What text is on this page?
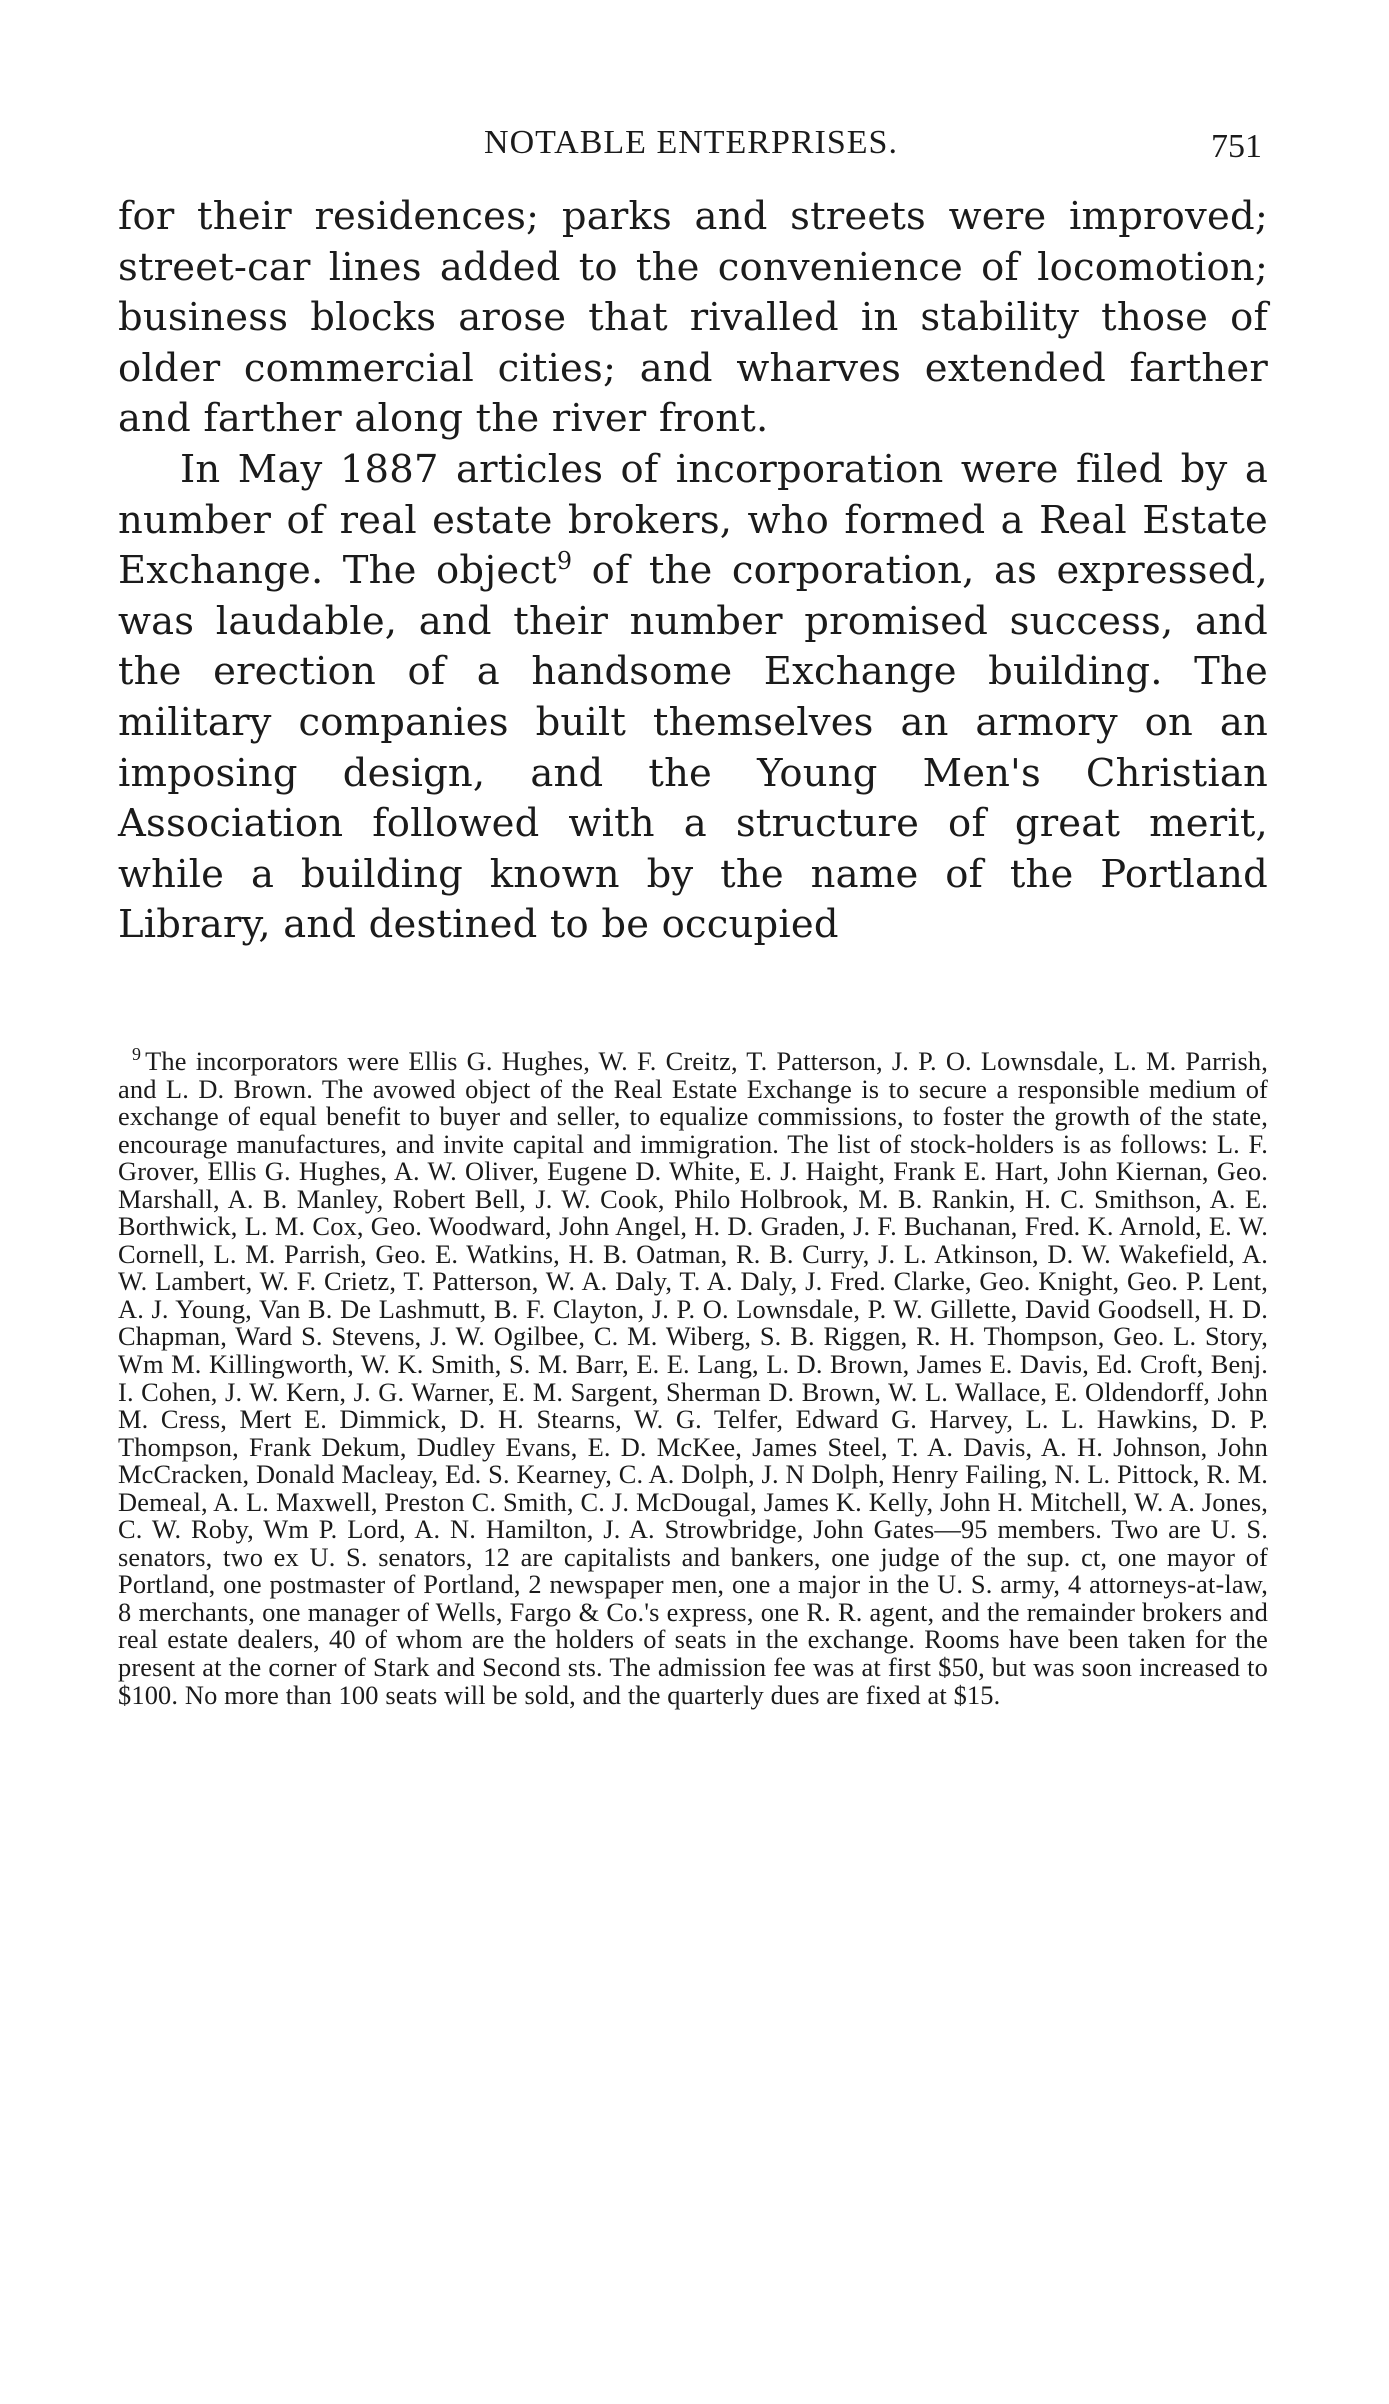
NOTABLE ENTERPRISES.	751

for their residences; parks and streets were improved; street-car lines added to the convenience of locomotion; business blocks arose that rivalled in stability those of older commercial cities; and wharves extended farther and farther along the river front.

In May 1887 articles of incorporation were filed by a number of real estate brokers, who formed a Real Estate Exchange. The object$^9$ of the corporation, as expressed, was laudable, and their number promised success, and the erection of a handsome Exchange building. The military companies built themselves an armory on an imposing design, and the Young Men's Christian Association followed with a structure of great merit, while a building known by the name of the Portland Library, and destined to be occupied

$^9$ The incorporators were Ellis G. Hughes, W. F. Creitz, T. Patterson, J. P. O. Lownsdale, L. M. Parrish, and L. D. Brown. The avowed object of the Real Estate Exchange is to secure a responsible medium of exchange of equal benefit to buyer and seller, to equalize commissions, to foster the growth of the state, encourage manufactures, and invite capital and immigration. The list of stock-holders is as follows: L. F. Grover, Ellis G. Hughes, A. W. Oliver, Eugene D. White, E. J. Haight, Frank E. Hart, John Kiernan, Geo. Marshall, A. B. Manley, Robert Bell, J. W. Cook, Philo Holbrook, M. B. Rankin, H. C. Smithson, A. E. Borthwick, L. M. Cox, Geo. Woodward, John Angel, H. D. Graden, J. F. Buchanan, Fred. K. Arnold, E. W. Cornell, L. M. Parrish, Geo. E. Watkins, H. B. Oatman, R. B. Curry, J. L. Atkinson, D. W. Wakefield, A. W. Lambert, W. F. Crietz, T. Patterson, W. A. Daly, T. A. Daly, J. Fred. Clarke, Geo. Knight, Geo. P. Lent, A. J. Young, Van B. De Lashmutt, B. F. Clayton, J. P. O. Lownsdale, P. W. Gillette, David Goodsell, H. D. Chapman, Ward S. Stevens, J. W. Ogilbee, C. M. Wiberg, S. B. Riggen, R. H. Thompson, Geo. L. Story, Wm M. Killingworth, W. K. Smith, S. M. Barr, E. E. Lang, L. D. Brown, James E. Davis, Ed. Croft, Benj. I. Cohen, J. W. Kern, J. G. Warner, E. M. Sargent, Sherman D. Brown, W. L. Wallace, E. Oldendorff, John M. Cress, Mert E. Dimmick, D. H. Stearns, W. G. Telfer, Edward G. Harvey, L. L. Hawkins, D. P. Thompson, Frank Dekum, Dudley Evans, E. D. McKee, James Steel, T. A. Davis, A. H. Johnson, John McCracken, Donald Macleay, Ed. S. Kearney, C. A. Dolph, J. N Dolph, Henry Failing, N. L. Pittock, R. M. Demeal, A. L. Maxwell, Preston C. Smith, C. J. McDougal, James K. Kelly, John H. Mitchell, W. A. Jones, C. W. Roby, Wm P. Lord, A. N. Hamilton, J. A. Strowbridge, John Gates—95 members. Two are U. S. senators, two ex U. S. senators, 12 are capitalists and bankers, one judge of the sup. ct, one mayor of Portland, one postmaster of Portland, 2 newspaper men, one a major in the U. S. army, 4 attorneys-at-law, 8 merchants, one manager of Wells, Fargo & Co.'s express, one R. R. agent, and the remainder brokers and real estate dealers, 40 of whom are the holders of seats in the exchange. Rooms have been taken for the present at the corner of Stark and Second sts. The admission fee was at first $50, but was soon increased to $100. No more than 100 seats will be sold, and the quarterly dues are fixed at $15.
